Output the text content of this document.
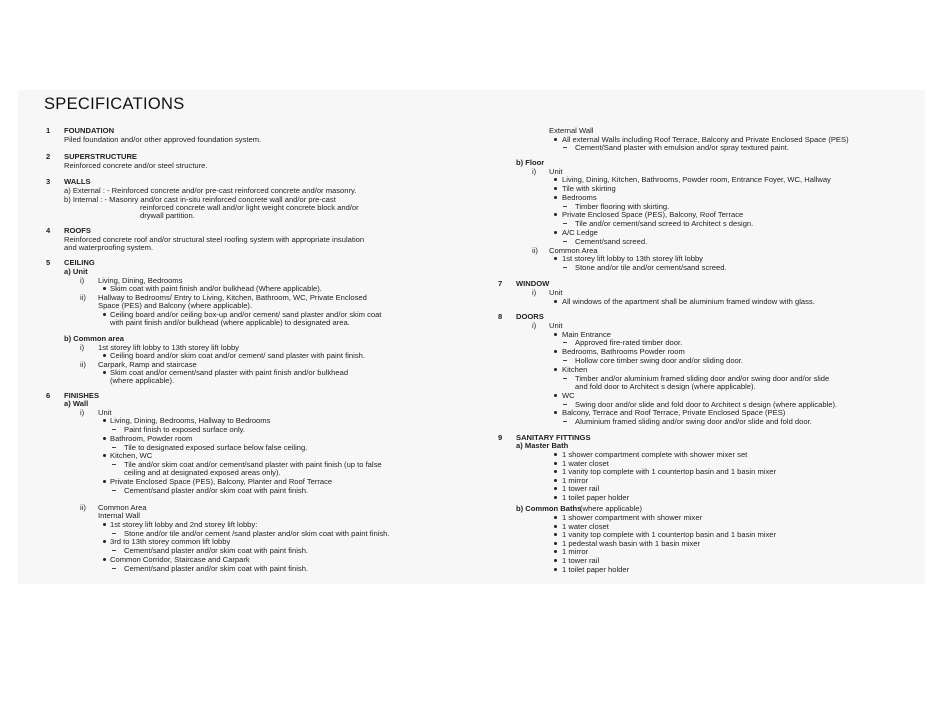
SPECIFICATIONS
1 FOUNDATION
Piled foundation and/or other approved foundation system.
2 SUPERSTRUCTURE
Reinforced concrete and/or steel structure.
3 WALLS
a) External : - Reinforced concrete and/or pre-cast reinforced concrete and/or masonry.
b) Internal : - Masonry and/or cast in-situ reinforced concrete wall and/or pre-cast
reinforced concrete wall and/or light weight concrete block and/or
drywall partition.
4 ROOFS
Reinforced concrete roof and/or structural steel roofing system with appropriate insulation
and waterproofing system.
5 CEILING
a) Unit
i) Living, Dining, Bedrooms
Skim coat with paint finish and/or bulkhead (Where applicable).
ii) Hallway to Bedrooms/ Entry to Living, Kitchen, Bathroom, WC, Private Enclosed
Space (PES) and Balcony (where applicable).
Ceiling board and/or ceiling box-up and/or cement/ sand plaster and/or skim coat
with paint finish and/or bulkhead (where applicable) to designated area.
b) Common area
i) 1st storey lift lobby to 13th storey lift lobby
Ceiling board and/or skim coat and/or cement/ sand plaster with paint finish.
ii) Carpark, Ramp and staircase
Skim coat and/or cement/sand plaster with paint finish and/or bulkhead
(where applicable).
6 FINISHES
a) Wall
i) Unit
Living, Dining, Bedrooms, Hallway to Bedrooms
Paint finish to exposed surface only.
Bathroom, Powder room
Tile to designated exposed surface below false ceiling.
Kitchen, WC
Tile and/or skim coat and/or cement/sand plaster with paint finish (up to false
ceiling and at designated exposed areas only).
Private Enclosed Space (PES), Balcony, Planter and Roof Terrace
Cement/sand plaster and/or skim coat with paint finish.
ii) Common Area
Internal Wall
1st storey lift lobby and 2nd storey lift lobby:
Stone and/or tile and/or cement /sand plaster and/or skim coat with paint finish.
3rd to 13th storey common lift lobby
Cement/sand plaster and/or skim coat with paint finish.
Common Corridor, Staircase and Carpark
Cement/sand plaster and/or skim coat with paint finish.
External Wall
All external Walls including Roof Terrace, Balcony and Private Enclosed Space (PES)
Cement/Sand plaster with emulsion and/or spray textured paint.
b) Floor
i) Unit
Living, Dining, Kitchen, Bathrooms, Powder room, Entrance Foyer, WC, Hallway
Tile with skirting
Bedrooms
Timber flooring with skirting.
Private Enclosed Space (PES), Balcony, Roof Terrace
Tile and/or cement/sand screed to Architect s design.
A/C Ledge
Cement/sand screed.
ii) Common Area
1st storey lift lobby to 13th storey lift lobby
Stone and/or tile and/or cement/sand screed.
7 WINDOW
i) Unit
All windows of the apartment shall be aluminium framed window with glass.
8 DOORS
i) Unit
Main Entrance
Approved fire-rated timber door.
Bedrooms, Bathrooms Powder room
Hollow core timber swing door and/or sliding door.
Kitchen
Timber and/or aluminium framed sliding door and/or swing door and/or slide
and fold door to Architect s design (where applicable).
WC
Swing door and/or slide and fold door to Architect s design (where applicable).
Balcony, Terrace and Roof Terrace, Private Enclosed Space (PES)
Aluminium framed sliding and/or swing door and/or slide and fold door.
9 SANITARY FITTINGS
a) Master Bath
1 shower compartment complete with shower mixer set
1 water closet
1 vanity top complete with 1 countertop basin and 1 basin mixer
1 mirror
1 tower rail
1 toilet paper holder
b) Common Baths
(where applicable)
1 shower compartment with shower mixer
1 water closet
1 vanity top complete with 1 countertop basin and 1 basin mixer
1 pedestal wash basin with 1 basin mixer
1 mirror
1 tower rail
1 toilet paper holder
